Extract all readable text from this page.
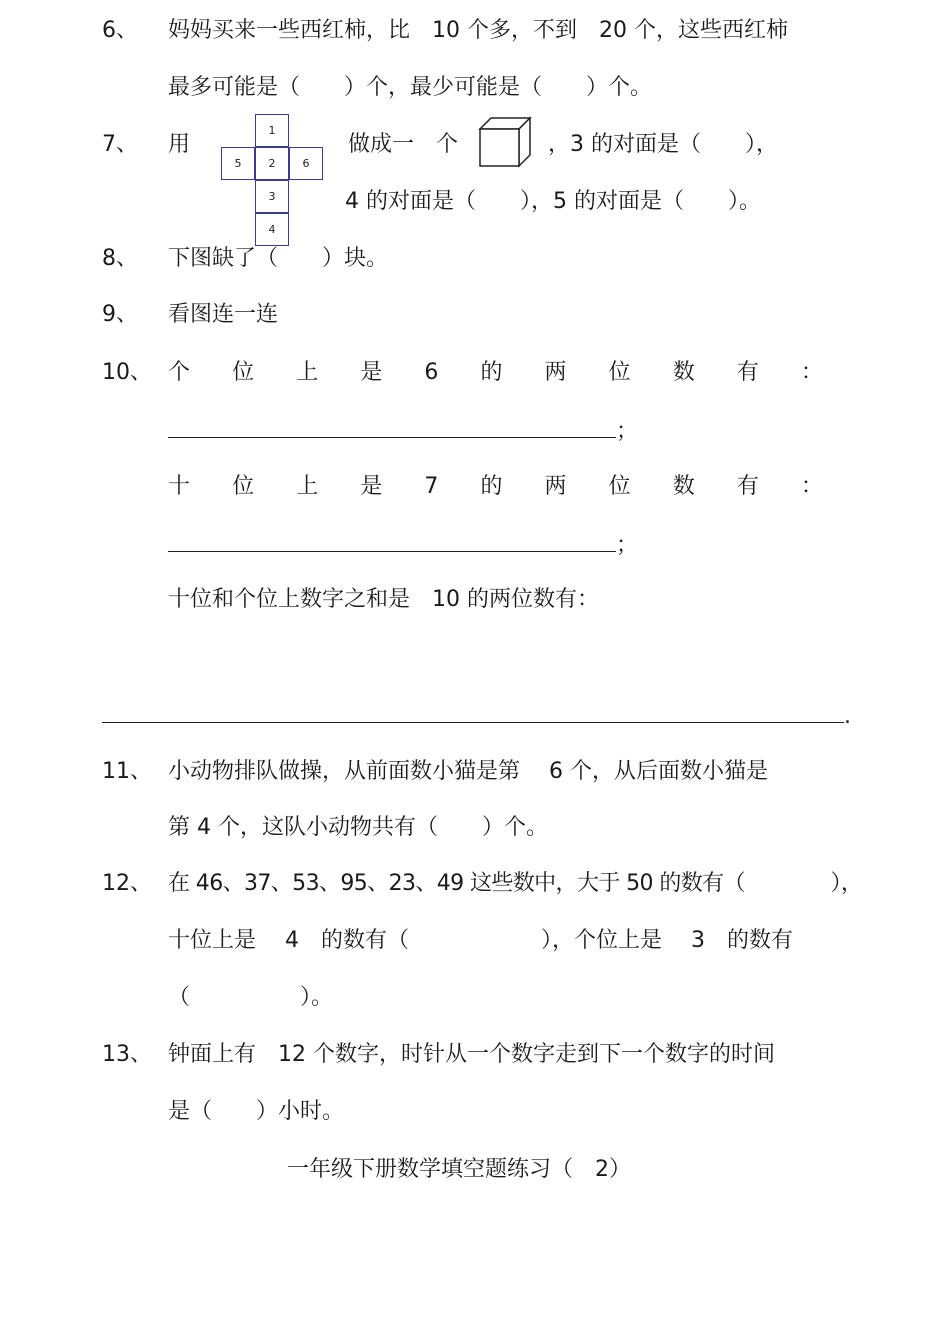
6、 妈妈买来一些西红柿，比　10 个多，不到　20 个，这些西红柿
最多可能是（　　）个，最少可能是（　　）个。
7、 用
1
5	2	6
3
4
做成一　个	，3 的对面是（　　），
4 的对面是（　　），5 的对面是（　　）。
8、 下图缺了（　　）块。
9、 看图连一连
10、 个 位 上 是 6 的 两 位 数 有 ：
；
十 位 上 是 7 的 两 位 数 有 ：
；
十位和个位上数字之和是　10 的两位数有：
.
11、 小动物排队做操，从前面数小猫是第　 6 个，从后面数小猫是
第 4 个，这队小动物共有（　　）个。
12、 在 46、37、53、95、23、49 这些数中，大于 50 的数有（　　　　），
十位上是　 4　的数有（　　　　　　），个位上是　 3　的数有
（　　　　　）。
13、 钟面上有　12 个数字，时针从一个数字走到下一个数字的时间
是（　　）小时。
一年级下册数学填空题练习（　2）
